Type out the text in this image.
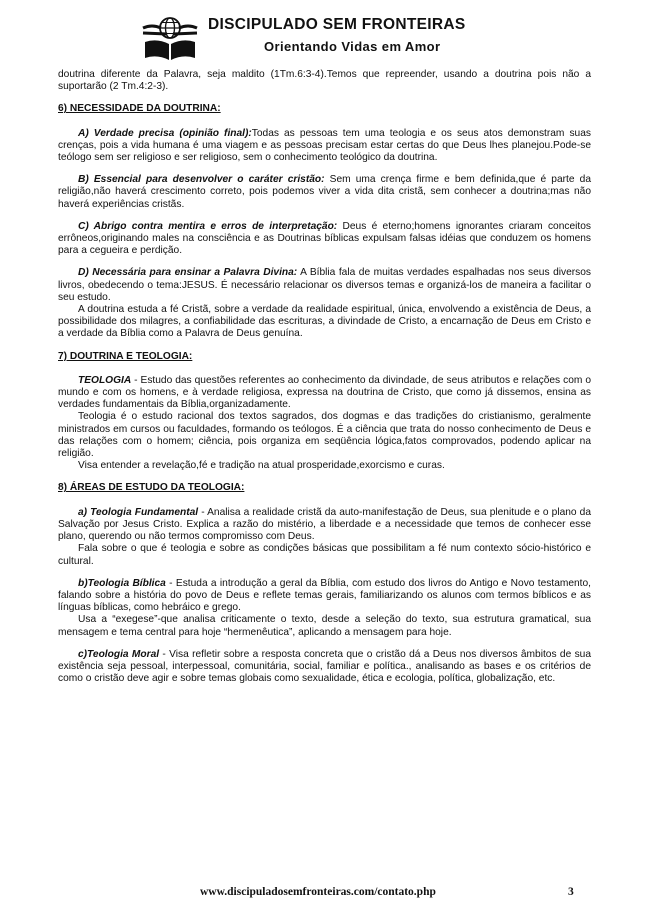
DISCIPULADO SEM FRONTEIRAS
Orientando Vidas em Amor

doutrina diferente da Palavra, seja maldito (1Tm.6:3-4).Temos que repreender, usando a doutrina pois não a suportarão (2 Tm.4:2-3).

6) NECESSIDADE DA DOUTRINA:

A) Verdade precisa (opinião final):Todas as pessoas tem uma teologia e os seus atos demonstram suas crenças, pois a vida humana é uma viagem e as pessoas precisam estar certas do que Deus lhes planejou.Pode-se teólogo sem ser religioso e ser religioso, sem o conhecimento teológico da doutrina.

B) Essencial para desenvolver o caráter cristão: Sem uma crença firme e bem definida,que é parte da religião,não haverá crescimento correto, pois podemos viver a vida dita cristã, sem conhecer a doutrina;mas não haverá experiências cristãs.

C) Abrigo contra mentira e erros de interpretação: Deus é eterno;homens ignorantes criaram conceitos errôneos,originando males na consciência e as Doutrinas bíblicas expulsam falsas idéias que conduzem os homens para a cegueira e perdição.

D) Necessária para ensinar a Palavra Divina: A Bíblia fala de muitas verdades espalhadas nos seus diversos livros, obedecendo o tema:JESUS. É necessário relacionar os diversos temas e organizá-los de maneira a facilitar o seu estudo.

A doutrina estuda a fé Cristã, sobre a verdade da realidade espiritual, única, envolvendo a existência de Deus, a possibilidade dos milagres, a confiabilidade das escrituras, a divindade de Cristo, a encarnação de Deus em Cristo e a verdade da Bíblia como a Palavra de Deus genuína.

7) DOUTRINA E TEOLOGIA:

TEOLOGIA - Estudo das questões referentes ao conhecimento da divindade, de seus atributos e relações com o mundo e com os homens, e à verdade religiosa, expressa na doutrina de Cristo, que como já dissemos, ensina as verdades fundamentais da Bíblia,organizadamente.

Teologia é o estudo racional dos textos sagrados, dos dogmas e das tradições do cristianismo, geralmente ministrados em cursos ou faculdades, formando os teólogos. É a ciência que trata do nosso conhecimento de Deus e das relações com o homem; ciência, pois organiza em seqüência lógica,fatos comprovados, podendo aplicar na religião.

Visa entender a revelação,fé e tradição na atual prosperidade,exorcismo e curas.

8) ÁREAS DE ESTUDO DA TEOLOGIA:

a) Teologia Fundamental - Analisa a realidade cristã da auto-manifestação de Deus, sua plenitude e o plano da Salvação por Jesus Cristo. Explica a razão do mistério, a liberdade e a necessidade que temos de conhecer esse plano, querendo ou não termos compromisso com Deus.

Fala sobre o que é teologia e sobre as condições básicas que possibilitam a fé num contexto sócio-histórico e cultural.

b)Teologia Bíblica - Estuda a introdução a geral da Bíblia, com estudo dos livros do Antigo e Novo testamento, falando sobre a história do povo de Deus e reflete temas gerais, familiarizando os alunos com termos bíblicos e as línguas bíblicas, como hebráico e grego.

Usa a “exegese”-que analisa criticamente o texto, desde a seleção do texto, sua estrutura gramatical, sua mensagem e tema central para hoje “hermenêutica”, aplicando a mensagem para hoje.

c)Teologia Moral - Visa refletir sobre a resposta concreta que o cristão dá a Deus nos diversos âmbitos de sua existência seja pessoal, interpessoal, comunitária, social, familiar e política., analisando as bases e os critérios de como o cristão deve agir e sobre temas globais como sexualidade, ética e ecologia, política, globalização, etc.

www.discipuladosemfronteiras.com/contato.php	3
